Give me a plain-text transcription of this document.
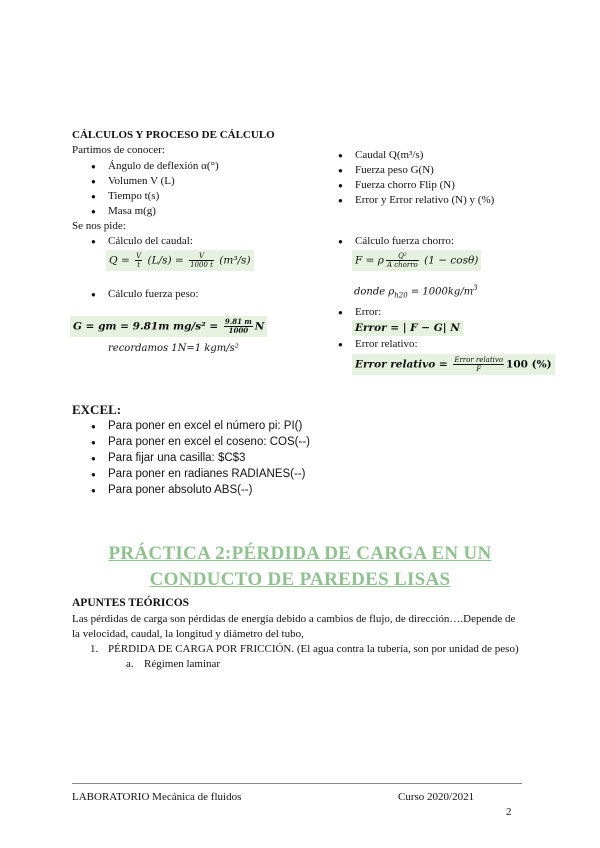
CÁLCULOS Y PROCESO DE CÁLCULO
Partimos de conocer:
● Ángulo de deflexión α(°)
● Volumen V (L)
● Tiempo t(s)
● Masa m(g)
● Caudal Q(m³/s)
● Fuerza peso G(N)
● Fuerza chorro Flip (N)
● Error y Error relativo (N) y (%)
Se nos pide:
● Cálculo del caudal:
$Q = \frac{V}{t} (L/s) = \frac{V}{1000 t} (m^3/s)$
● Cálculo fuerza peso:
G = gm = 9.81m $mg/s^2 = \frac{9.81 m}{1000}$ N
recordamos 1N=1 kgm/s²
● Cálculo fuerza chorro:
F = ρ $\frac{\text{Q²}}{\text{A chorro}} (1 - \cos\theta)$
donde $\rho_{h20} = 1000kg/m^3$
● Error:
Error = | F − G| N
● Error relativo:
Error relativo = $\frac{\text{Error relativo}}{F} 100$ (%)
EXCEL:
● Para poner en excel el número pi: PI()
● Para poner en excel el coseno: COS(--)
● Para fijar una casilla: $C$3
● Para poner en radianes RADIANES(--)
● Para poner absoluto ABS(--)
PRÁCTICA 2:PÉRDIDA DE CARGA EN UN
CONDUCTO DE PAREDES LISAS
APUNTES TEÓRICOS
Las pérdidas de carga son pérdidas de energía debido a cambios de flujo, de dirección….Depende de
la velocidad, caudal, la longitud y diámetro del tubo,
1. PÉRDIDA DE CARGA POR FRICCIÓN. (El agua contra la tubería, son por unidad de peso)
a. Régimen laminar
LABORATORIO Mecánica de fluidos	Curso 2020/2021
2
